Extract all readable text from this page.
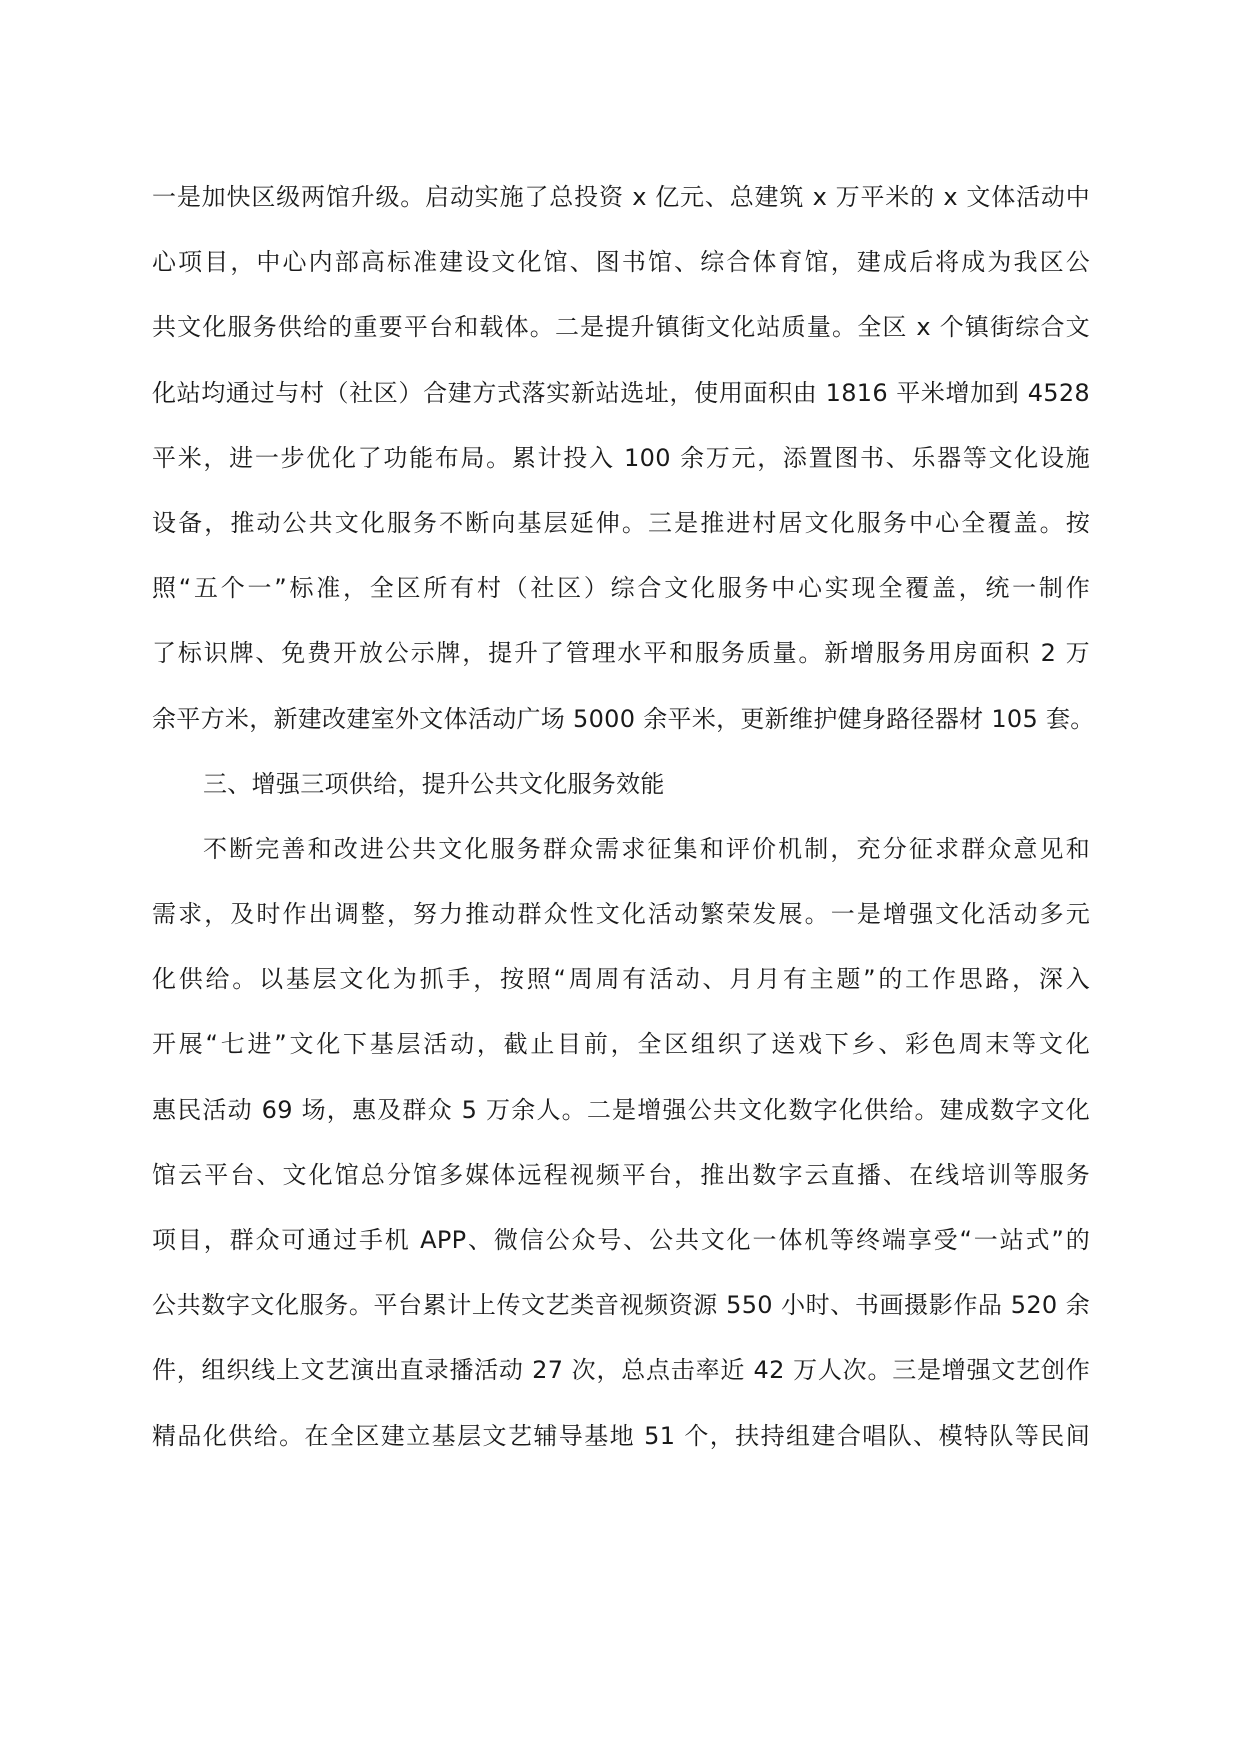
一是加快区级两馆升级。启动实施了总投资 x 亿元、总建筑 x 万平米的 x 文体活动中
心项目，中心内部高标准建设文化馆、图书馆、综合体育馆，建成后将成为我区公
共文化服务供给的重要平台和载体。二是提升镇街文化站质量。全区 x 个镇街综合文
化站均通过与村（社区）合建方式落实新站选址，使用面积由 1816 平米增加到 4528
平米，进一步优化了功能布局。累计投入 100 余万元，添置图书、乐器等文化设施
设备，推动公共文化服务不断向基层延伸。三是推进村居文化服务中心全覆盖。按
照“五个一”标准，全区所有村（社区）综合文化服务中心实现全覆盖，统一制作
了标识牌、免费开放公示牌，提升了管理水平和服务质量。新增服务用房面积 2 万
余平方米，新建改建室外文体活动广场 5000 余平米，更新维护健身路径器材 105 套。
三、增强三项供给，提升公共文化服务效能
不断完善和改进公共文化服务群众需求征集和评价机制，充分征求群众意见和
需求，及时作出调整，努力推动群众性文化活动繁荣发展。一是增强文化活动多元
化供给。以基层文化为抓手，按照“周周有活动、月月有主题”的工作思路，深入
开展“七进”文化下基层活动，截止目前，全区组织了送戏下乡、彩色周末等文化
惠民活动 69 场，惠及群众 5 万余人。二是增强公共文化数字化供给。建成数字文化
馆云平台、文化馆总分馆多媒体远程视频平台，推出数字云直播、在线培训等服务
项目，群众可通过手机 APP、微信公众号、公共文化一体机等终端享受“一站式”的
公共数字文化服务。平台累计上传文艺类音视频资源 550 小时、书画摄影作品 520 余
件，组织线上文艺演出直录播活动 27 次，总点击率近 42 万人次。三是增强文艺创作
精品化供给。在全区建立基层文艺辅导基地 51 个，扶持组建合唱队、模特队等民间
